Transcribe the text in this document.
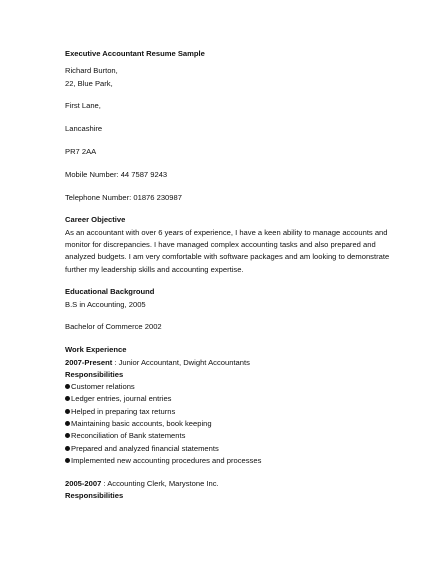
Executive Accountant Resume Sample
Richard Burton,
22, Blue Park,
First Lane,
Lancashire
PR7 2AA
Mobile Number: 44 7587 9243
Telephone Number: 01876 230987
Career Objective
As an accountant with over 6 years of experience, I have a keen ability to manage accounts and
monitor for discrepancies. I have managed complex accounting tasks and also prepared and
analyzed budgets. I am very comfortable with software packages and am looking to demonstrate
further my leadership skills and accounting expertise.
Educational Background
B.S in Accounting, 2005
Bachelor of Commerce 2002
Work Experience
2007-Present : Junior Accountant, Dwight Accountants
Responsibilities
Customer relations
Ledger entries, journal entries
Helped in preparing tax returns
Maintaining basic accounts, book keeping
Reconciliation of Bank statements
Prepared and analyzed financial statements
Implemented new accounting procedures and processes
2005-2007 : Accounting Clerk, Marystone Inc.
Responsibilities
